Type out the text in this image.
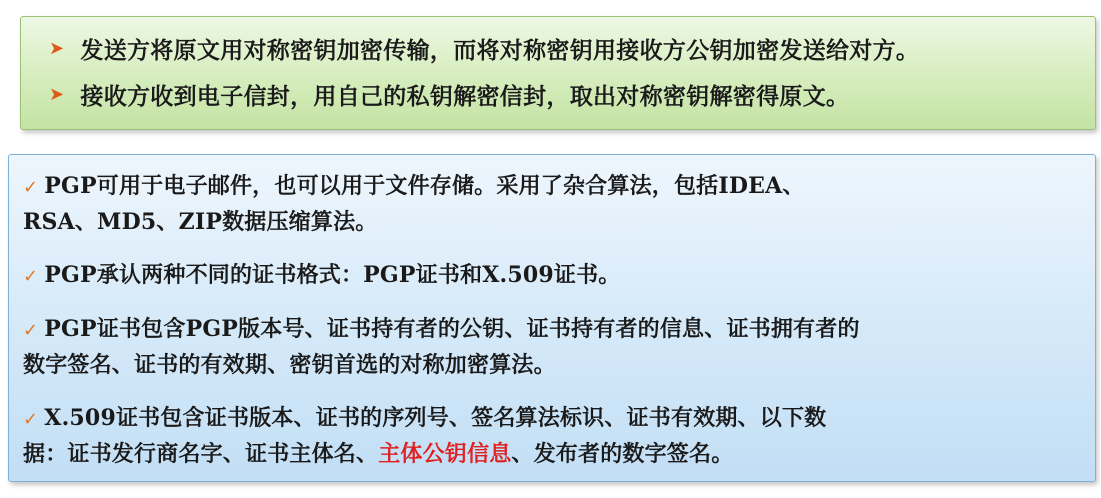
➤ 发送方将原文用对称密钥加密传输，而将对称密钥用接收方公钥加密发送给对方。
➤ 接收方收到电子信封，用自己的私钥解密信封，取出对称密钥解密得原文。
✓ PGP可用于电子邮件，也可以用于文件存储。采用了杂合算法，包括IDEA、
RSA、MD5、ZIP数据压缩算法。
✓ PGP承认两种不同的证书格式：PGP证书和X.509证书。
✓ PGP证书包含PGP版本号、证书持有者的公钥、证书持有者的信息、证书拥有者的
数字签名、证书的有效期、密钥首选的对称加密算法。
✓ X.509证书包含证书版本、证书的序列号、签名算法标识、证书有效期、以下数
据：证书发行商名字、证书主体名、主体公钥信息、发布者的数字签名。
